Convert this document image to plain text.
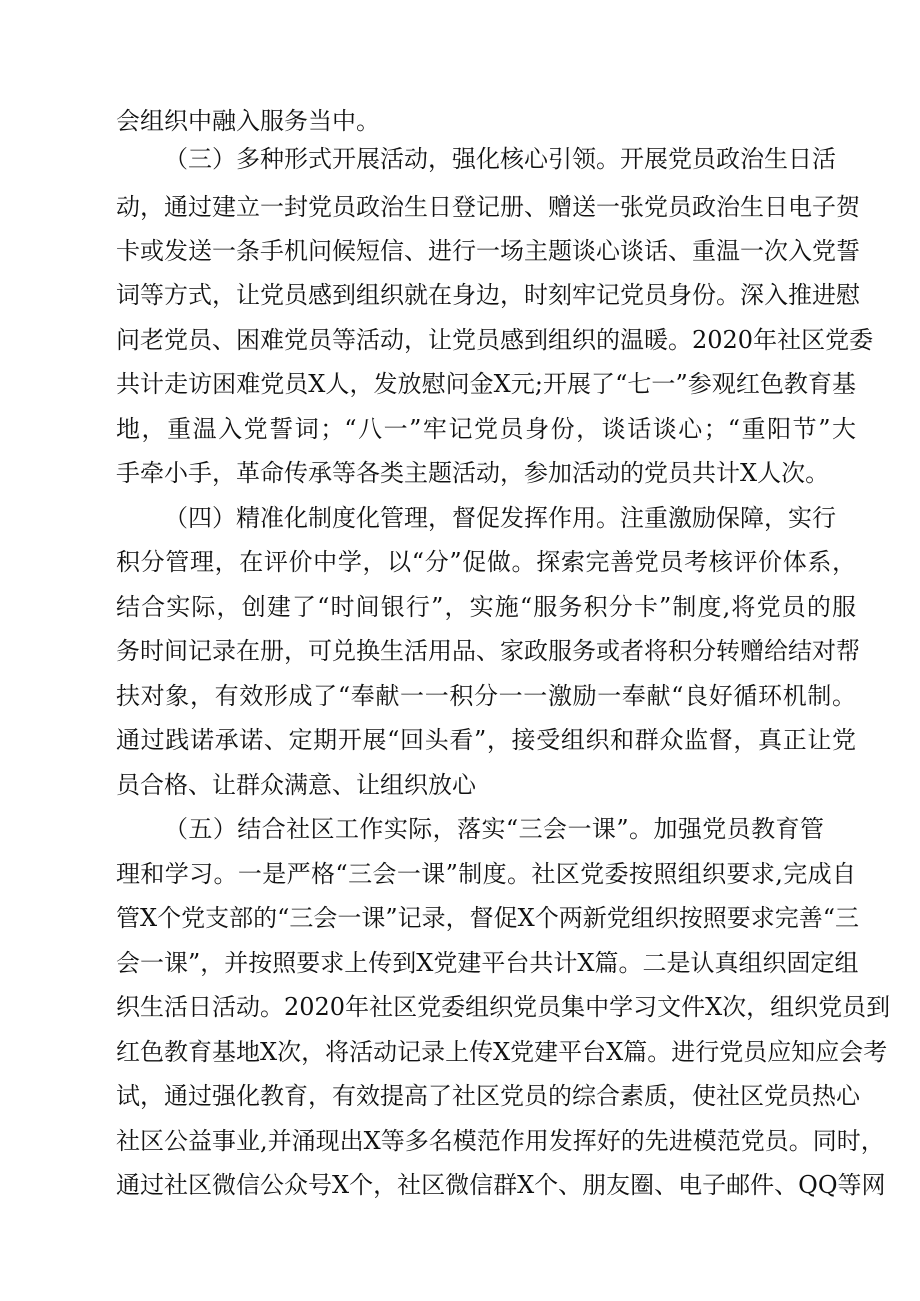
会组织中融入服务当中。
（三）多种形式开展活动，强化核心引领。开展党员政治生日活
动，通过建立一封党员政治生日登记册、赠送一张党员政治生日电子贺
卡或发送一条手机问候短信、进行一场主题谈心谈话、重温一次入党誓
词等方式，让党员感到组织就在身边，时刻牢记党员身份。深入推进慰
问老党员、困难党员等活动，让党员感到组织的温暖。2020年社区党委
共计走访困难党员X人，发放慰问金X元;开展了“七一”参观红色教育基
地，重温入党誓词；“八一”牢记党员身份，谈话谈心；“重阳节”大
手牵小手，革命传承等各类主题活动，参加活动的党员共计X人次。
（四）精准化制度化管理，督促发挥作用。注重激励保障，实行
积分管理，在评价中学，以“分”促做。探索完善党员考核评价体系，
结合实际，创建了“时间银行”，实施“服务积分卡”制度,将党员的服
务时间记录在册，可兑换生活用品、家政服务或者将积分转赠给结对帮
扶对象，有效形成了“奉献一一积分一一激励一奉献“良好循环机制。
通过践诺承诺、定期开展“回头看”，接受组织和群众监督，真正让党
员合格、让群众满意、让组织放心
（五）结合社区工作实际，落实“三会一课”。加强党员教育管
理和学习。一是严格“三会一课”制度。社区党委按照组织要求,完成自
管X个党支部的“三会一课”记录，督促X个两新党组织按照要求完善“三
会一课”，并按照要求上传到X党建平台共计X篇。二是认真组织固定组
织生活日活动。2020年社区党委组织党员集中学习文件X次，组织党员到
红色教育基地X次，将活动记录上传X党建平台X篇。进行党员应知应会考
试，通过强化教育，有效提高了社区党员的综合素质，使社区党员热心
社区公益事业,并涌现出X等多名模范作用发挥好的先进模范党员。同时，
通过社区微信公众号X个，社区微信群X个、朋友圈、电子邮件、QQ等网
